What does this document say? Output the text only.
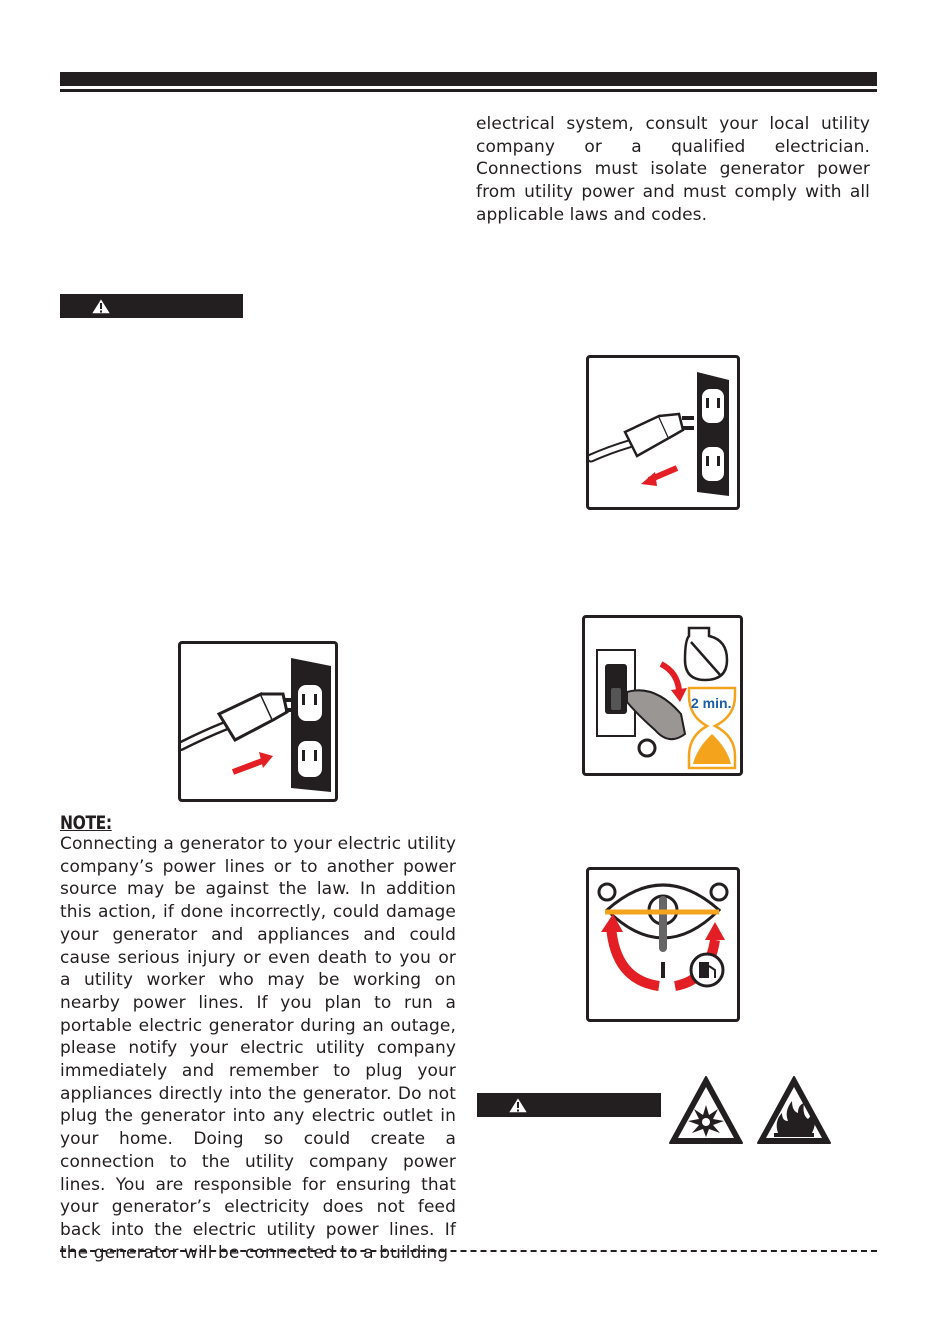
electrical system, consult your local utility company or a qualified electrician. Connections must isolate generator power from utility power and must comply with all applicable laws and codes.
2 min.
NOTE:
Connecting a generator to your electric utility company’s power lines or to another power source may be against the law. In addition this action, if done incorrectly, could damage your generator and appliances and could cause serious injury or even death to you or a utility worker who may be working on nearby power lines. If you plan to run a portable electric generator during an outage, please notify your electric utility company immediately and remember to plug your appliances directly into the generator. Do not plug the generator into any electric outlet in your home. Doing so could create a connection to the utility company power lines. You are responsible for ensuring that your generator’s electricity does not feed back into the electric utility power lines. If the generator will be connected to a building
